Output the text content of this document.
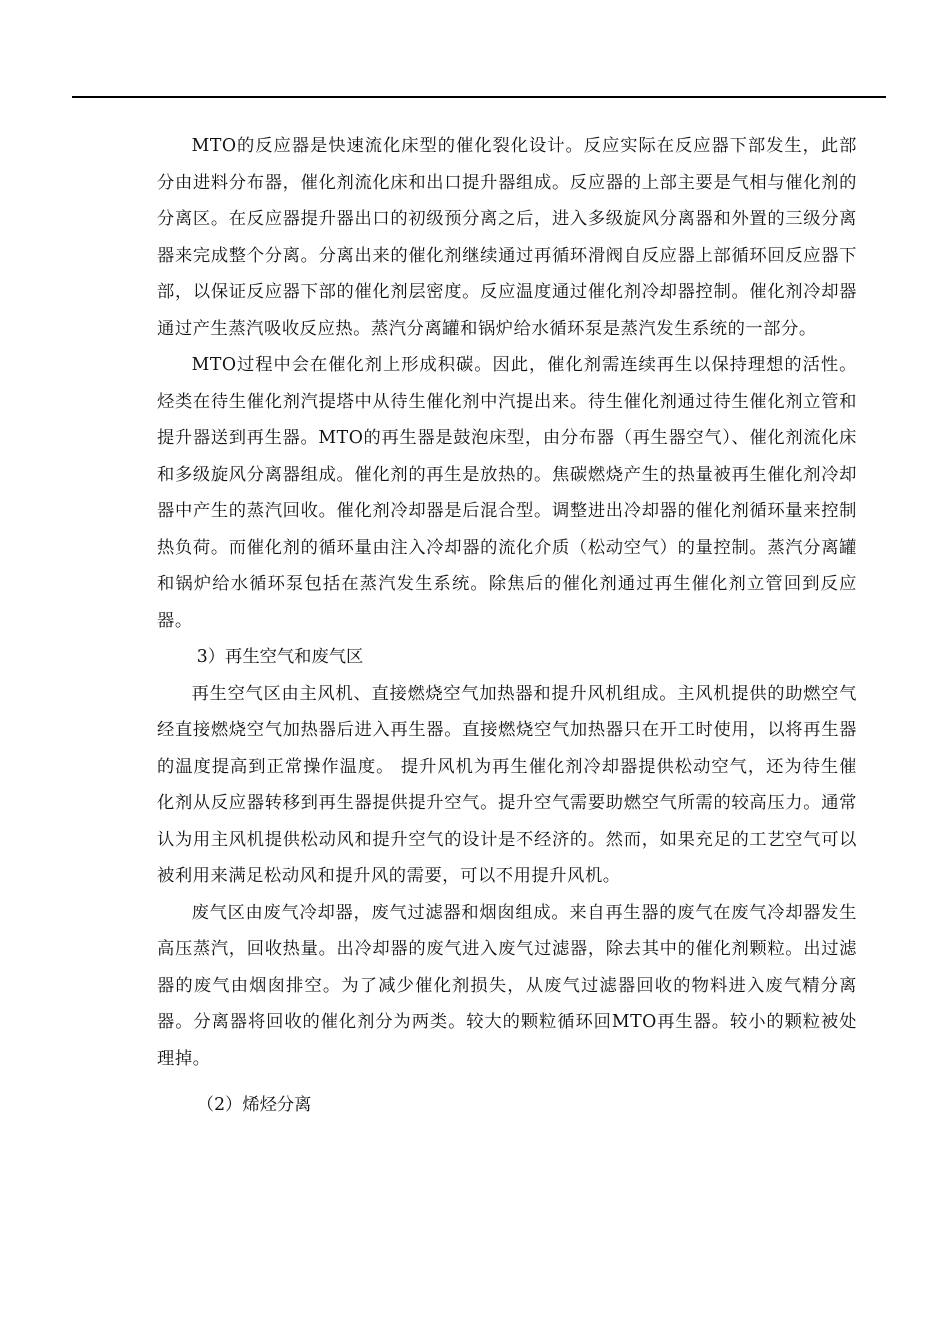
MTO的反应器是快速流化床型的催化裂化设计。反应实际在反应器下部发生，此部分由进料分布器，催化剂流化床和出口提升器组成。反应器的上部主要是气相与催化剂的分离区。在反应器提升器出口的初级预分离之后，进入多级旋风分离器和外置的三级分离器来完成整个分离。分离出来的催化剂继续通过再循环滑阀自反应器上部循环回反应器下部，以保证反应器下部的催化剂层密度。反应温度通过催化剂冷却器控制。催化剂冷却器通过产生蒸汽吸收反应热。蒸汽分离罐和锅炉给水循环泵是蒸汽发生系统的一部分。

MTO过程中会在催化剂上形成积碳。因此，催化剂需连续再生以保持理想的活性。烃类在待生催化剂汽提塔中从待生催化剂中汽提出来。待生催化剂通过待生催化剂立管和提升器送到再生器。MTO的再生器是鼓泡床型，由分布器（再生器空气）、催化剂流化床和多级旋风分离器组成。催化剂的再生是放热的。焦碳燃烧产生的热量被再生催化剂冷却器中产生的蒸汽回收。催化剂冷却器是后混合型。调整进出冷却器的催化剂循环量来控制热负荷。而催化剂的循环量由注入冷却器的流化介质（松动空气）的量控制。蒸汽分离罐和锅炉给水循环泵包括在蒸汽发生系统。除焦后的催化剂通过再生催化剂立管回到反应器。

3）再生空气和废气区

再生空气区由主风机、直接燃烧空气加热器和提升风机组成。主风机提供的助燃空气经直接燃烧空气加热器后进入再生器。直接燃烧空气加热器只在开工时使用，以将再生器的温度提高到正常操作温度。 提升风机为再生催化剂冷却器提供松动空气，还为待生催化剂从反应器转移到再生器提供提升空气。提升空气需要助燃空气所需的较高压力。通常认为用主风机提供松动风和提升空气的设计是不经济的。然而，如果充足的工艺空气可以被利用来满足松动风和提升风的需要，可以不用提升风机。

废气区由废气冷却器，废气过滤器和烟囱组成。来自再生器的废气在废气冷却器发生高压蒸汽，回收热量。出冷却器的废气进入废气过滤器，除去其中的催化剂颗粒。出过滤器的废气由烟囱排空。为了减少催化剂损失，从废气过滤器回收的物料进入废气精分离器。分离器将回收的催化剂分为两类。较大的颗粒循环回MTO再生器。较小的颗粒被处理掉。

（2）烯烃分离
